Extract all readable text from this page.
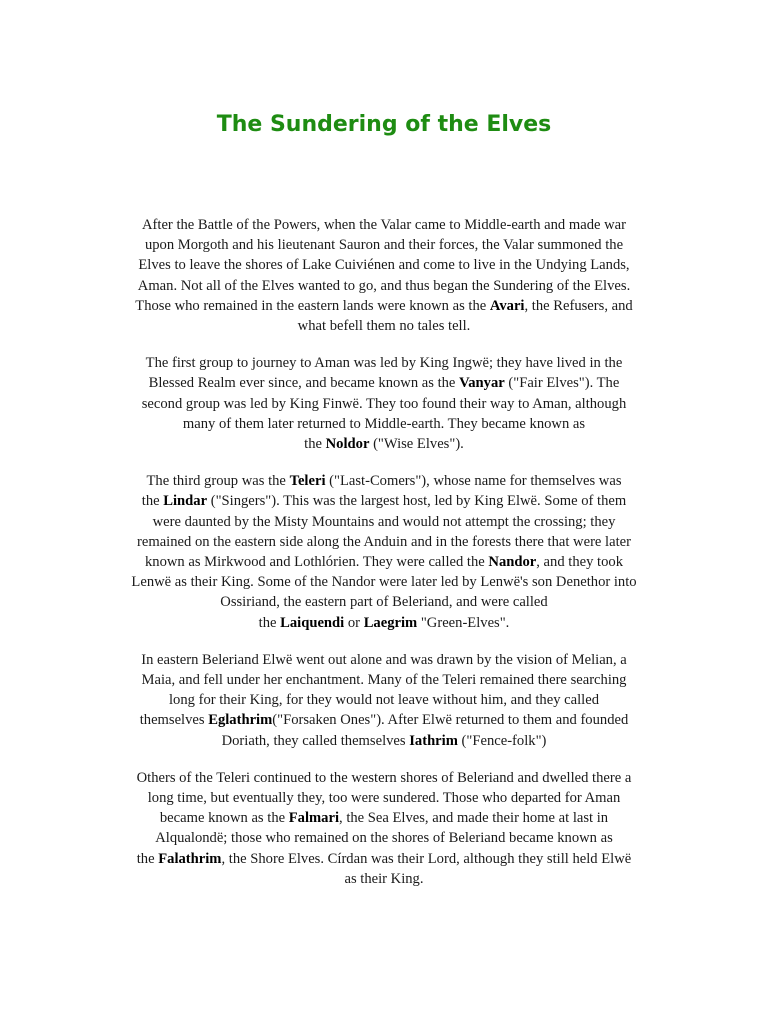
The Sundering of the Elves

After the Battle of the Powers, when the Valar came to Middle-earth and made war
upon Morgoth and his lieutenant Sauron and their forces, the Valar summoned the
Elves to leave the shores of Lake Cuiviénen and come to live in the Undying Lands,
Aman. Not all of the Elves wanted to go, and thus began the Sundering of the Elves.
Those who remained in the eastern lands were known as the Avari, the Refusers, and
what befell them no tales tell.

The first group to journey to Aman was led by King Ingwë; they have lived in the
Blessed Realm ever since, and became known as the Vanyar ("Fair Elves"). The
second group was led by King Finwë. They too found their way to Aman, although
many of them later returned to Middle-earth. They became known as
the Noldor ("Wise Elves").

The third group was the Teleri ("Last-Comers"), whose name for themselves was
the Lindar ("Singers"). This was the largest host, led by King Elwë. Some of them
were daunted by the Misty Mountains and would not attempt the crossing; they
remained on the eastern side along the Anduin and in the forests there that were later
known as Mirkwood and Lothlórien. They were called the Nandor, and they took
Lenwë as their King. Some of the Nandor were later led by Lenwë's son Denethor into
Ossiriand, the eastern part of Beleriand, and were called
the Laiquendi or Laegrim "Green-Elves".

In eastern Beleriand Elwë went out alone and was drawn by the vision of Melian, a
Maia, and fell under her enchantment. Many of the Teleri remained there searching
long for their King, for they would not leave without him, and they called
themselves Eglathrim("Forsaken Ones"). After Elwë returned to them and founded
Doriath, they called themselves Iathrim ("Fence-folk")

Others of the Teleri continued to the western shores of Beleriand and dwelled there a
long time, but eventually they, too were sundered. Those who departed for Aman
became known as the Falmari, the Sea Elves, and made their home at last in
Alqualondë; those who remained on the shores of Beleriand became known as
the Falathrim, the Shore Elves. Círdan was their Lord, although they still held Elwë
as their King.
